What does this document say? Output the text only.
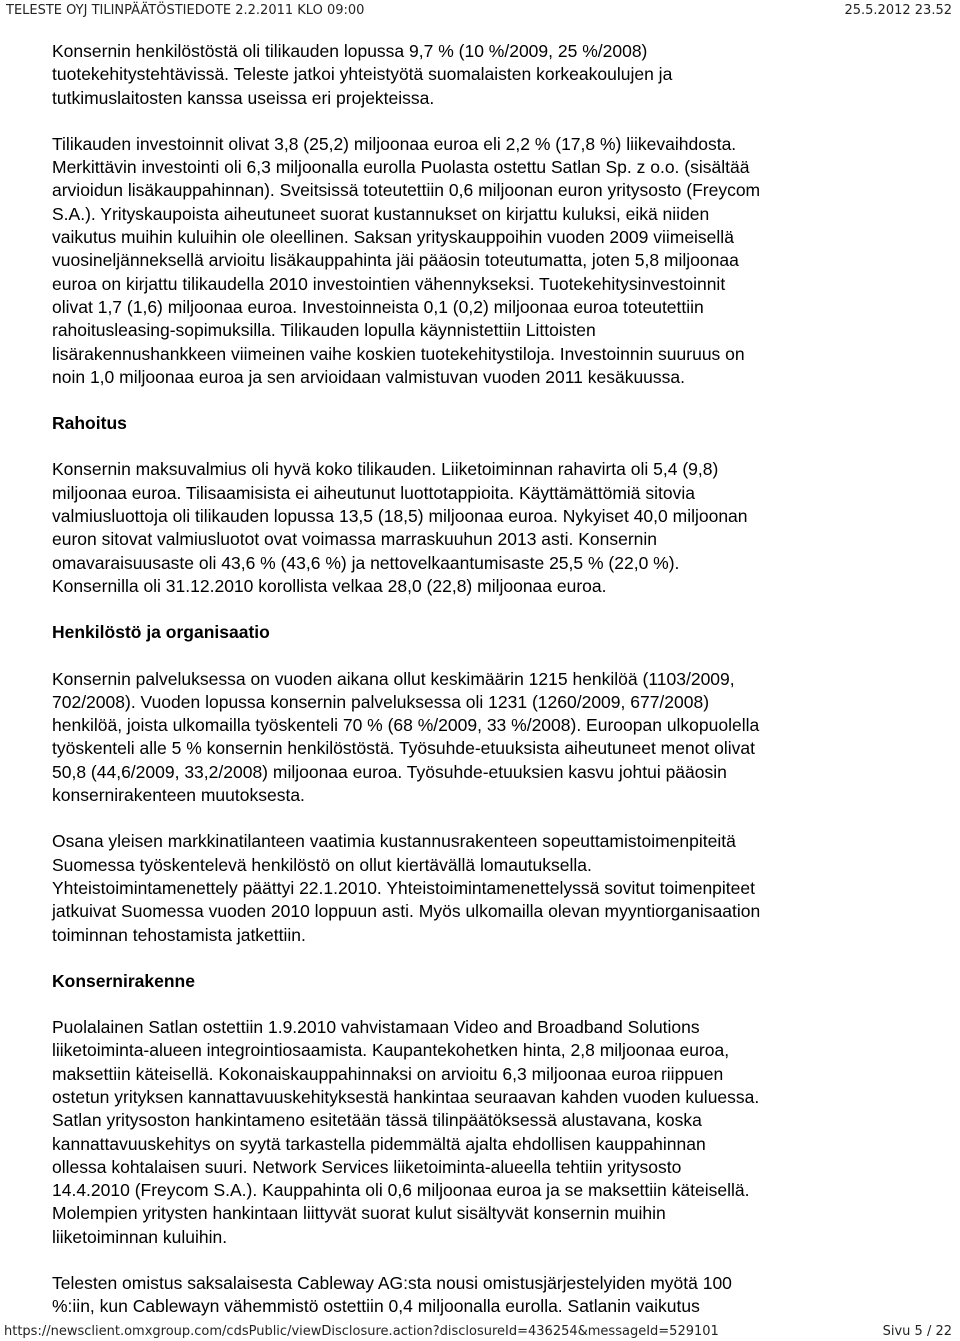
TELESTE OYJ TILINPÄÄTÖSTIEDOTE 2.2.2011 KLO 09:00	25.5.2012 23.52

Konsernin henkilöstöstä oli tilikauden lopussa 9,7 % (10 %/2009, 25 %/2008)
tuotekehitystehtävissä. Teleste jatkoi yhteistyötä suomalaisten korkeakoulujen ja
tutkimuslaitosten kanssa useissa eri projekteissa.

Tilikauden investoinnit olivat 3,8 (25,2) miljoonaa euroa eli 2,2 % (17,8 %) liikevaihdosta.
Merkittävin investointi oli 6,3 miljoonalla eurolla Puolasta ostettu Satlan Sp. z o.o. (sisältää
arvioidun lisäkauppahinnan). Sveitsissä toteutettiin 0,6 miljoonan euron yritysosto (Freycom
S.A.). Yrityskaupoista aiheutuneet suorat kustannukset on kirjattu kuluksi, eikä niiden
vaikutus muihin kuluihin ole oleellinen. Saksan yrityskauppoihin vuoden 2009 viimeisellä
vuosineljänneksellä arvioitu lisäkauppahinta jäi pääosin toteutumatta, joten 5,8 miljoonaa
euroa on kirjattu tilikaudella 2010 investointien vähennykseksi. Tuotekehitysinvestoinnit
olivat 1,7 (1,6) miljoonaa euroa. Investoinneista 0,1 (0,2) miljoonaa euroa toteutettiin
rahoitusleasing-sopimuksilla. Tilikauden lopulla käynnistettiin Littoisten
lisärakennushankkeen viimeinen vaihe koskien tuotekehitystiloja. Investoinnin suuruus on
noin 1,0 miljoonaa euroa ja sen arvioidaan valmistuvan vuoden 2011 kesäkuussa.

Rahoitus

Konsernin maksuvalmius oli hyvä koko tilikauden. Liiketoiminnan rahavirta oli 5,4 (9,8)
miljoonaa euroa. Tilisaamisista ei aiheutunut luottotappioita. Käyttämättömiä sitovia
valmiusluottoja oli tilikauden lopussa 13,5 (18,5) miljoonaa euroa. Nykyiset 40,0 miljoonan
euron sitovat valmiusluotot ovat voimassa marraskuuhun 2013 asti. Konsernin
omavaraisuusaste oli 43,6 % (43,6 %) ja nettovelkaantumisaste 25,5 % (22,0 %).
Konsernilla oli 31.12.2010 korollista velkaa 28,0 (22,8) miljoonaa euroa.

Henkilöstö ja organisaatio

Konsernin palveluksessa on vuoden aikana ollut keskimäärin 1215 henkilöä (1103/2009,
702/2008). Vuoden lopussa konsernin palveluksessa oli 1231 (1260/2009, 677/2008)
henkilöä, joista ulkomailla työskenteli 70 % (68 %/2009, 33 %/2008). Euroopan ulkopuolella
työskenteli alle 5 % konsernin henkilöstöstä. Työsuhde-etuuksista aiheutuneet menot olivat
50,8 (44,6/2009, 33,2/2008) miljoonaa euroa. Työsuhde-etuuksien kasvu johtui pääosin
konsernirakenteen muutoksesta.

Osana yleisen markkinatilanteen vaatimia kustannusrakenteen sopeuttamistoimenpiteitä
Suomessa työskentelevä henkilöstö on ollut kiertävällä lomautuksella.
Yhteistoimintamenettely päättyi 22.1.2010. Yhteistoimintamenettelyssä sovitut toimenpiteet
jatkuivat Suomessa vuoden 2010 loppuun asti. Myös ulkomailla olevan myyntiorganisaation
toiminnan tehostamista jatkettiin.

Konsernirakenne

Puolalainen Satlan ostettiin 1.9.2010 vahvistamaan Video and Broadband Solutions
liiketoiminta-alueen integrointiosaamista. Kaupantekohetken hinta, 2,8 miljoonaa euroa,
maksettiin käteisellä. Kokonaiskauppahinnaksi on arvioitu 6,3 miljoonaa euroa riippuen
ostetun yrityksen kannattavuuskehityksestä hankintaa seuraavan kahden vuoden kuluessa.
Satlan yritysoston hankintameno esitetään tässä tilinpäätöksessä alustavana, koska
kannattavuuskehitys on syytä tarkastella pidemmältä ajalta ehdollisen kauppahinnan
ollessa kohtalaisen suuri. Network Services liiketoiminta-alueella tehtiin yritysosto
14.4.2010 (Freycom S.A.). Kauppahinta oli 0,6 miljoonaa euroa ja se maksettiin käteisellä.
Molempien yritysten hankintaan liittyvät suorat kulut sisältyvät konsernin muihin
liiketoiminnan kuluihin.

Telesten omistus saksalaisesta Cableway AG:sta nousi omistusjärjestelyiden myötä 100
%:iin, kun Cablewayn vähemmistö ostettiin 0,4 miljoonalla eurolla. Satlanin vaikutus

https://newsclient.omxgroup.com/cdsPublic/viewDisclosure.action?disclosureId=436254&messageId=529101	Sivu 5 / 22
